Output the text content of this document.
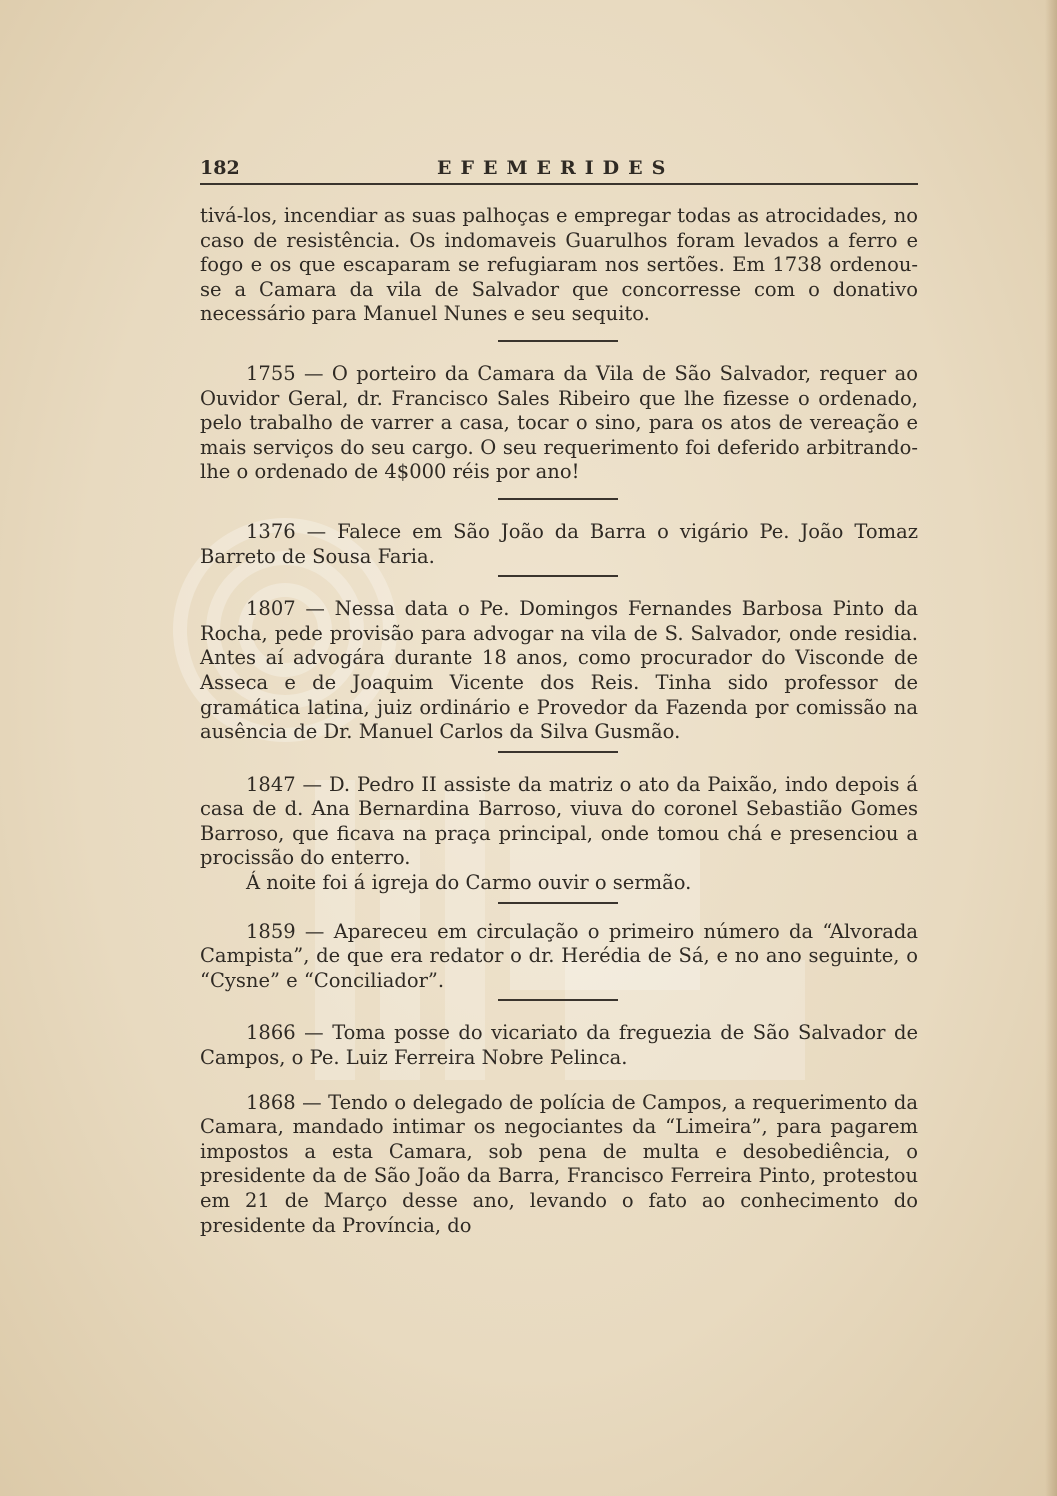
182	EFEMERIDES

tivá-los, incendiar as suas palhoças e empregar todas as atrocidades, no caso de resistência. Os indomaveis Guarulhos foram levados a ferro e fogo e os que escaparam se refugiaram nos sertões. Em 1738 ordenou-se a Camara da vila de Salvador que concorresse com o donativo necessário para Manuel Nunes e seu sequito.

1755 — O porteiro da Camara da Vila de São Salvador, requer ao Ouvidor Geral, dr. Francisco Sales Ribeiro que lhe fizesse o ordenado, pelo trabalho de varrer a casa, tocar o sino, para os atos de vereação e mais serviços do seu cargo. O seu requerimento foi deferido arbitrando-lhe o ordenado de 4$000 réis por ano!

1376 — Falece em São João da Barra o vigário Pe. João Tomaz Barreto de Sousa Faria.

1807 — Nessa data o Pe. Domingos Fernandes Barbosa Pinto da Rocha, pede provisão para advogar na vila de S. Salvador, onde residia. Antes aí advogára durante 18 anos, como procurador do Visconde de Asseca e de Joaquim Vicente dos Reis. Tinha sido professor de gramática latina, juiz ordinário e Provedor da Fazenda por comissão na ausência de Dr. Manuel Carlos da Silva Gusmão.

1847 — D. Pedro II assiste da matriz o ato da Paixão, indo depois á casa de d. Ana Bernardina Barroso, viuva do coronel Sebastião Gomes Barroso, que ficava na praça principal, onde tomou chá e presenciou a procissão do enterro.

Á noite foi á igreja do Carmo ouvir o sermão.

1859 — Apareceu em circulação o primeiro número da “Alvorada Campista”, de que era redator o dr. Herédia de Sá, e no ano seguinte, o “Cysne” e “Conciliador”.

1866 — Toma posse do vicariato da freguezia de São Salvador de Campos, o Pe. Luiz Ferreira Nobre Pelinca.

1868 — Tendo o delegado de polícia de Campos, a requerimento da Camara, mandado intimar os negociantes da “Limeira”, para pagarem impostos a esta Camara, sob pena de multa e desobediência, o presidente da de São João da Barra, Francisco Ferreira Pinto, protestou em 21 de Março desse ano, levando o fato ao conhecimento do presidente da Província, do
